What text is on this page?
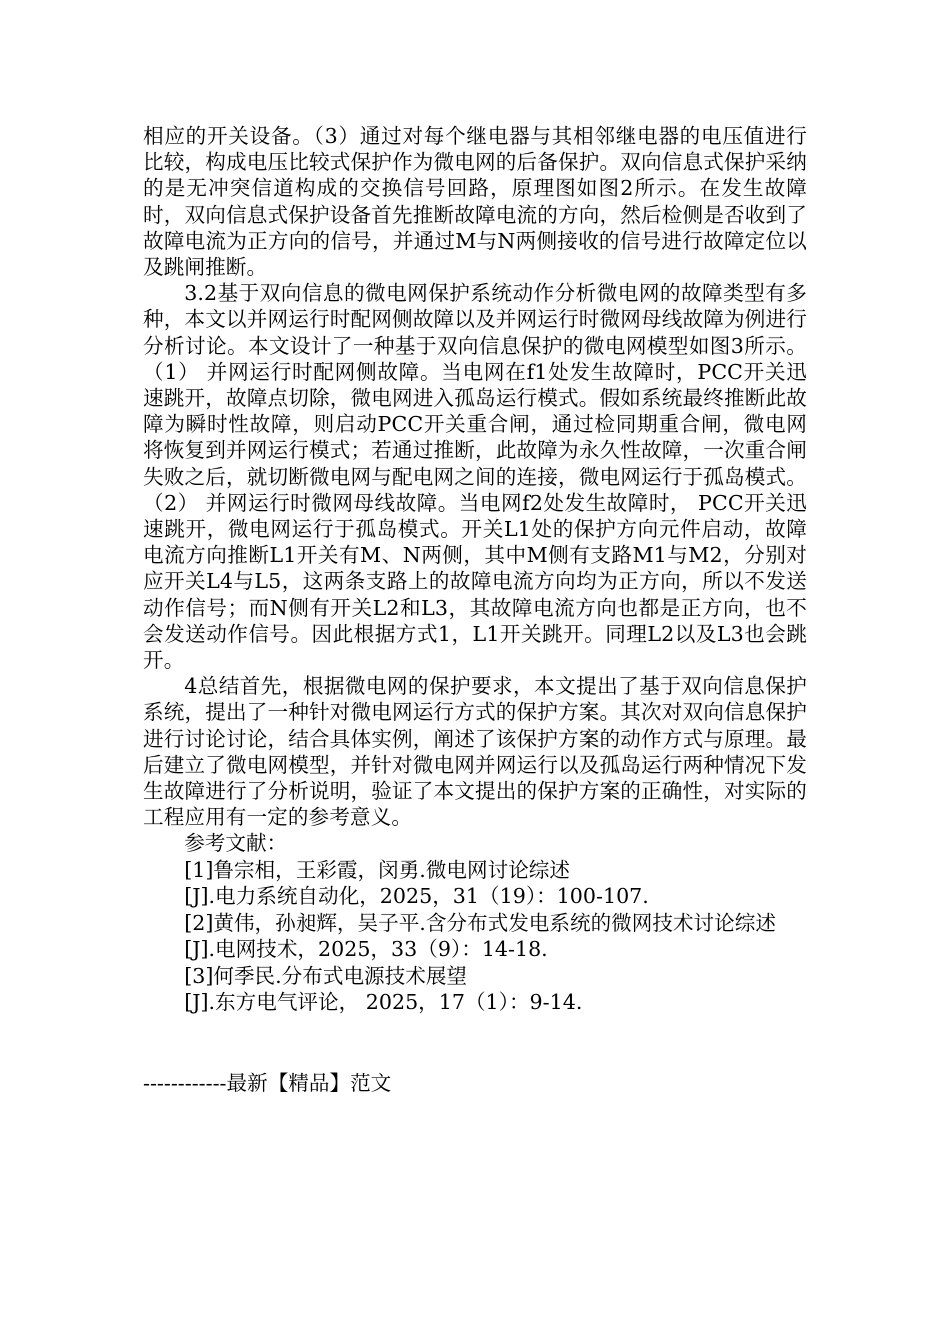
相应的开关设备。（3）通过对每个继电器与其相邻继电器的电压值进行比较，构成电压比较式保护作为微电网的后备保护。双向信息式保护采纳的是无冲突信道构成的交换信号回路，原理图如图2所示。在发生故障时，双向信息式保护设备首先推断故障电流的方向，然后检侧是否收到了故障电流为正方向的信号，并通过M与N两侧接收的信号进行故障定位以及跳闸推断。

3.2基于双向信息的微电网保护系统动作分析微电网的故障类型有多种，本文以并网运行时配网侧故障以及并网运行时微网母线故障为例进行分析讨论。本文设计了一种基于双向信息保护的微电网模型如图3所示。（1） 并网运行时配网侧故障。当电网在f1处发生故障时，PCC开关迅速跳开，故障点切除，微电网进入孤岛运行模式。假如系统最终推断此故障为瞬时性故障，则启动PCC开关重合闸，通过检同期重合闸，微电网将恢复到并网运行模式；若通过推断，此故障为永久性故障，一次重合闸失败之后，就切断微电网与配电网之间的连接，微电网运行于孤岛模式。（2） 并网运行时微网母线故障。当电网f2处发生故障时， PCC开关迅速跳开，微电网运行于孤岛模式。开关L1处的保护方向元件启动，故障电流方向推断L1开关有M、N两侧，其中M侧有支路M1与M2，分别对应开关L4与L5，这两条支路上的故障电流方向均为正方向，所以不发送动作信号；而N侧有开关L2和L3，其故障电流方向也都是正方向，也不会发送动作信号。因此根据方式1，L1开关跳开。同理L2以及L3也会跳开。

4总结首先，根据微电网的保护要求，本文提出了基于双向信息保护系统，提出了一种针对微电网运行方式的保护方案。其次对双向信息保护进行讨论讨论，结合具体实例，阐述了该保护方案的动作方式与原理。最后建立了微电网模型，并针对微电网并网运行以及孤岛运行两种情况下发生故障进行了分析说明，验证了本文提出的保护方案的正确性，对实际的工程应用有一定的参考意义。

参考文献：

[1]鲁宗相，王彩霞，闵勇.微电网讨论综述

[J].电力系统自动化，2025，31（19）：100-107.

[2]黄伟，孙昶辉，吴子平.含分布式发电系统的微网技术讨论综述

[J].电网技术，2025，33（9）：14-18.

[3]何季民.分布式电源技术展望

[J].东方电气评论， 2025，17（1）：9-14.

------------最新【精品】范文
